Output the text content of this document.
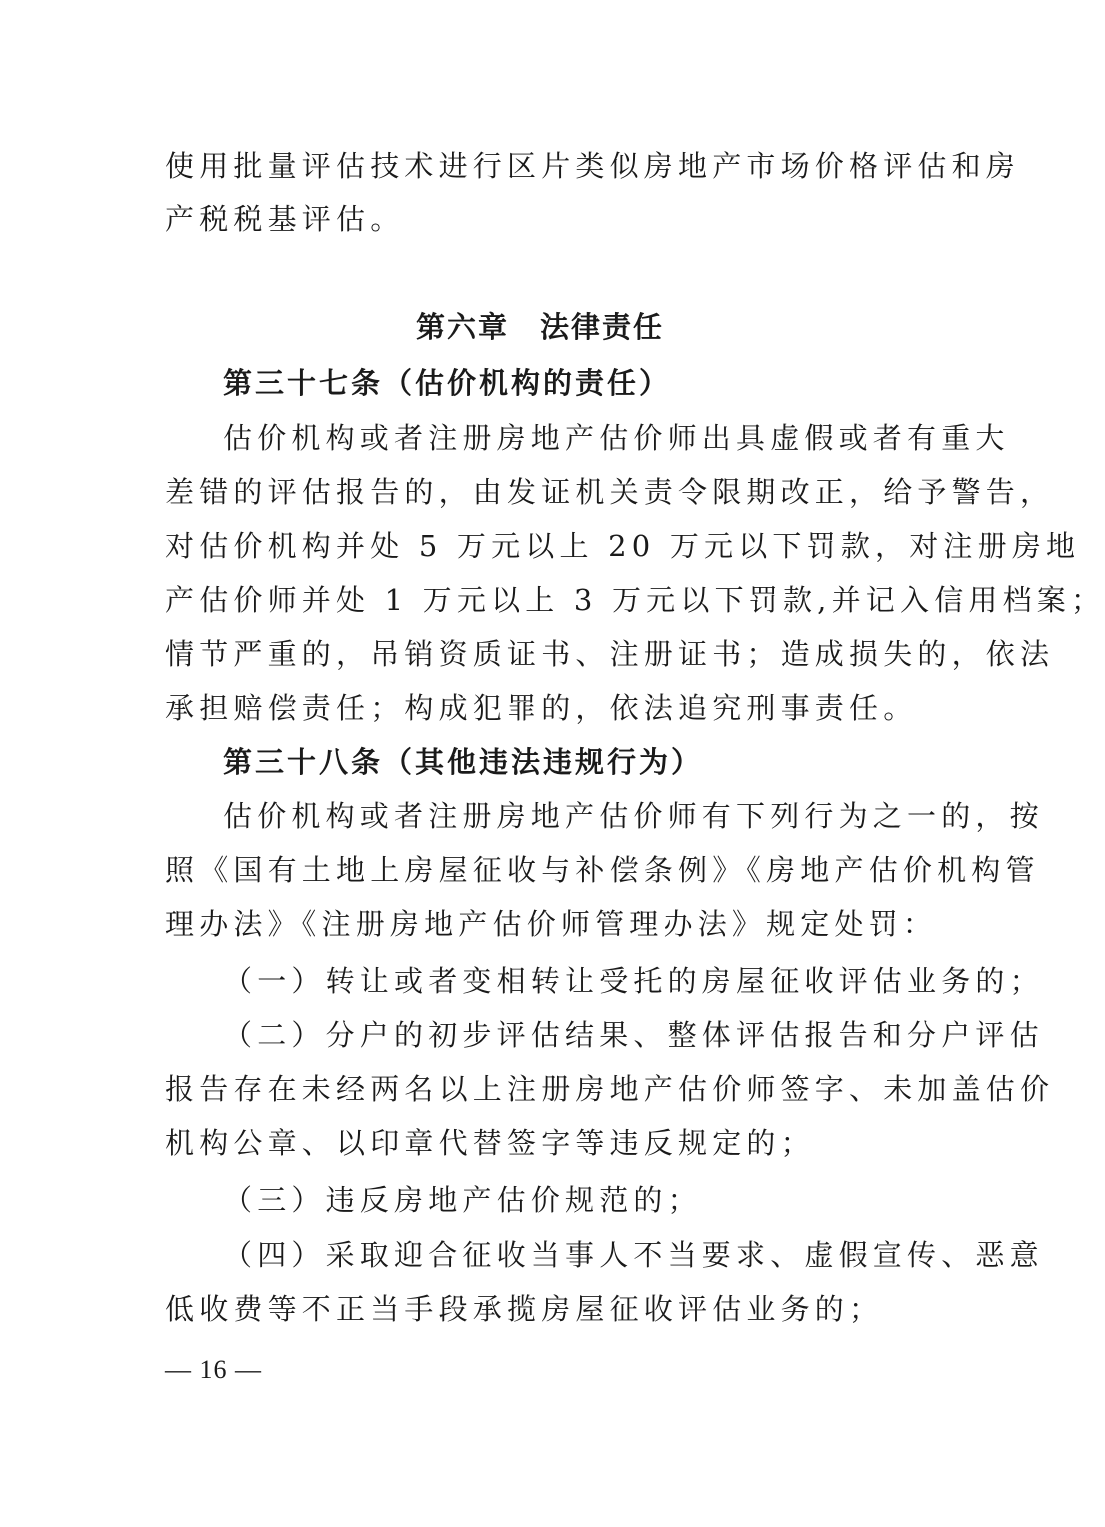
使用批量评估技术进行区片类似房地产市场价格评估和房
产税税基评估。
第六章　法律责任
第三十七条（估价机构的责任）
估价机构或者注册房地产估价师出具虚假或者有重大
差错的评估报告的，由发证机关责令限期改正，给予警告，
对估价机构并处 5 万元以上 20 万元以下罚款，对注册房地
产估价师并处 1 万元以上 3 万元以下罚款,并记入信用档案；
情节严重的，吊销资质证书、注册证书；造成损失的，依法
承担赔偿责任；构成犯罪的，依法追究刑事责任。
第三十八条（其他违法违规行为）
估价机构或者注册房地产估价师有下列行为之一的，按
照《国有土地上房屋征收与补偿条例》《房地产估价机构管
理办法》《注册房地产估价师管理办法》规定处罚：
（一）转让或者变相转让受托的房屋征收评估业务的；
（二）分户的初步评估结果、整体评估报告和分户评估
报告存在未经两名以上注册房地产估价师签字、未加盖估价
机构公章、以印章代替签字等违反规定的；
（三）违反房地产估价规范的；
（四）采取迎合征收当事人不当要求、虚假宣传、恶意
低收费等不正当手段承揽房屋征收评估业务的；
— 16 —
